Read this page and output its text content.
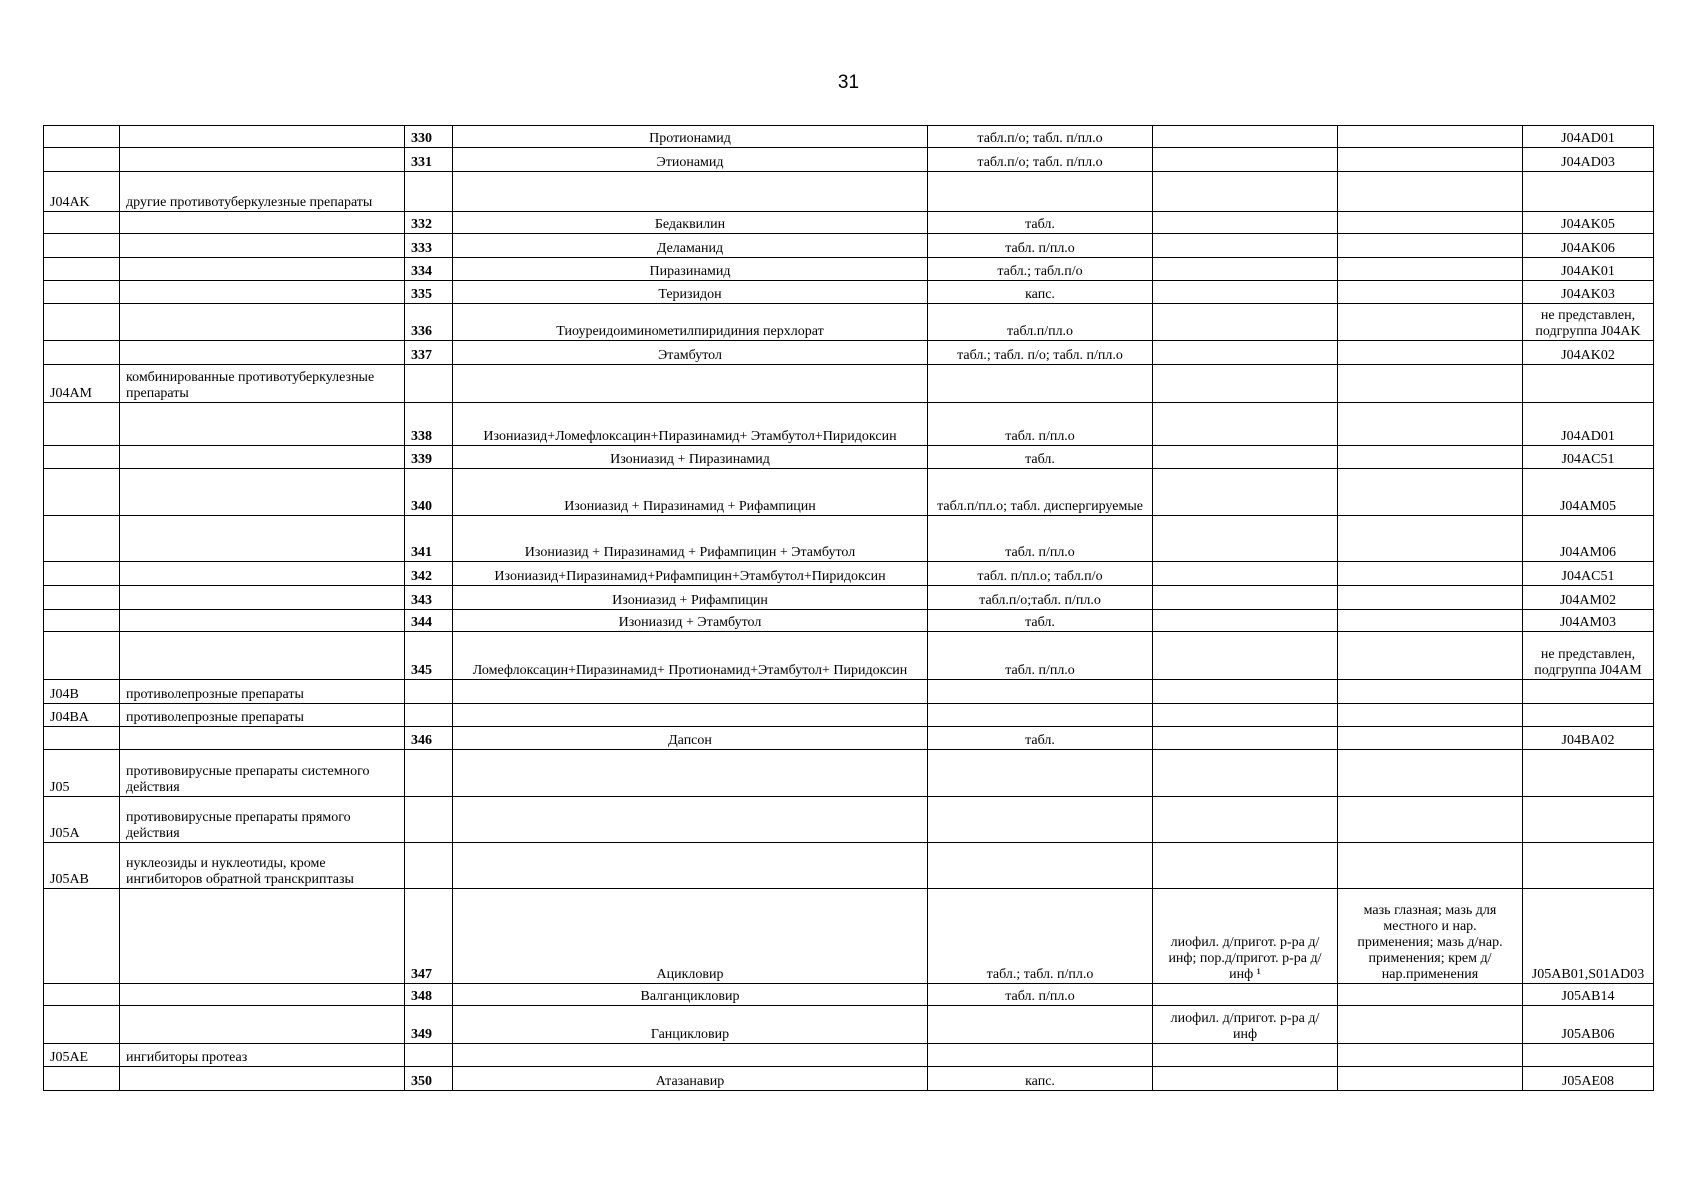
31
		330	Протионамид	табл.п/о; табл. п/пл.о			J04AD01
		331	Этионамид	табл.п/о; табл. п/пл.о			J04AD03
J04AK	другие противотуберкулезные препараты						
		332	Бедаквилин	табл.			J04AK05
		333	Деламанид	табл. п/пл.о			J04AK06
		334	Пиразинамид	табл.; табл.п/о			J04AK01
		335	Теризидон	капс.			J04AK03
		336	Тиоуреидоиминометилпиридиния перхлорат	табл.п/пл.о			не представлен, подгруппа J04AK
		337	Этамбутол	табл.; табл. п/о; табл. п/пл.о			J04AK02
J04AM	комбинированные противотуберкулезные препараты						
		338	Изониазид+Ломефлоксацин+Пиразинамид+ Этамбутол+Пиридоксин	табл. п/пл.о			J04AD01
		339	Изониазид + Пиразинамид	табл.			J04AC51
		340	Изониазид + Пиразинамид + Рифампицин	табл.п/пл.о; табл. диспергируемые			J04AM05
		341	Изониазид + Пиразинамид + Рифампицин + Этамбутол	табл. п/пл.о			J04AM06
		342	Изониазид+Пиразинамид+Рифампицин+Этамбутол+Пиридоксин	табл. п/пл.о; табл.п/о			J04AC51
		343	Изониазид + Рифампицин	табл.п/о;табл. п/пл.о			J04AM02
		344	Изониазид + Этамбутол	табл.			J04AM03
		345	Ломефлоксацин+Пиразинамид+ Протионамид+Этамбутол+ Пиридоксин	табл. п/пл.о			не представлен, подгруппа J04AM
J04B	противолепрозные препараты						
J04BA	противолепрозные препараты						
		346	Дапсон	табл.			J04BA02
J05	противовирусные препараты системного действия						
J05A	противовирусные препараты прямого действия						
J05AB	нуклеозиды и нуклеотиды, кроме ингибиторов обратной транскриптазы						
		347	Ацикловир	табл.; табл. п/пл.о	лиофил. д/пригот. р-ра д/инф; пор.д/пригот. р-ра д/инф ¹	мазь глазная; мазь для местного и нар. применения; мазь д/нар. применения; крем д/нар.применения	J05AB01,S01AD03
		348	Валганцикловир	табл. п/пл.о			J05AB14
		349	Ганцикловир		лиофил. д/пригот. р-ра д/инф		J05AB06
J05AE	ингибиторы протеаз						
		350	Атазанавир	капс.			J05AE08
